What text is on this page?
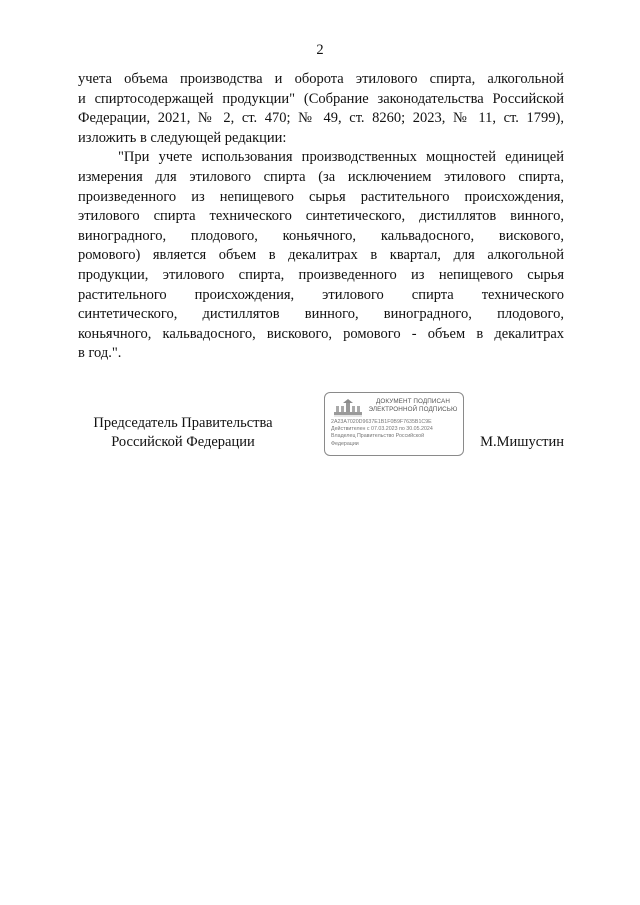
2
учета объема производства и оборота этилового спирта, алкогольной
и спиртосодержащей продукции" (Собрание законодательства Российской
Федерации, 2021, № 2, ст. 470; № 49, ст. 8260; 2023, № 11, ст. 1799),
изложить в следующей редакции:
"При учете использования производственных мощностей единицей
измерения для этилового спирта (за исключением этилового спирта,
произведенного из непищевого сырья растительного происхождения,
этилового спирта технического синтетического, дистиллятов винного,
виноградного, плодового, коньячного, кальвадосного, вискового,
ромового) является объем в декалитрах в квартал, для алкогольной
продукции, этилового спирта, произведенного из непищевого сырья
растительного происхождения, этилового спирта технического
синтетического, дистиллятов винного, виноградного, плодового,
коньячного, кальвадосного, вискового, ромового - объем в декалитрах
в год.".
Председатель Правительства
Российской Федерации
ДОКУМЕНТ ПОДПИСАН
ЭЛЕКТРОННОЙ ПОДПИСЬЮ
2A23A7020D9637E1B1F0B9F7635B1C9E
Действителен с 07.03.2023 по 30.05.2024
Владелец Правительство Российской
Федерации	М.Мишустин
